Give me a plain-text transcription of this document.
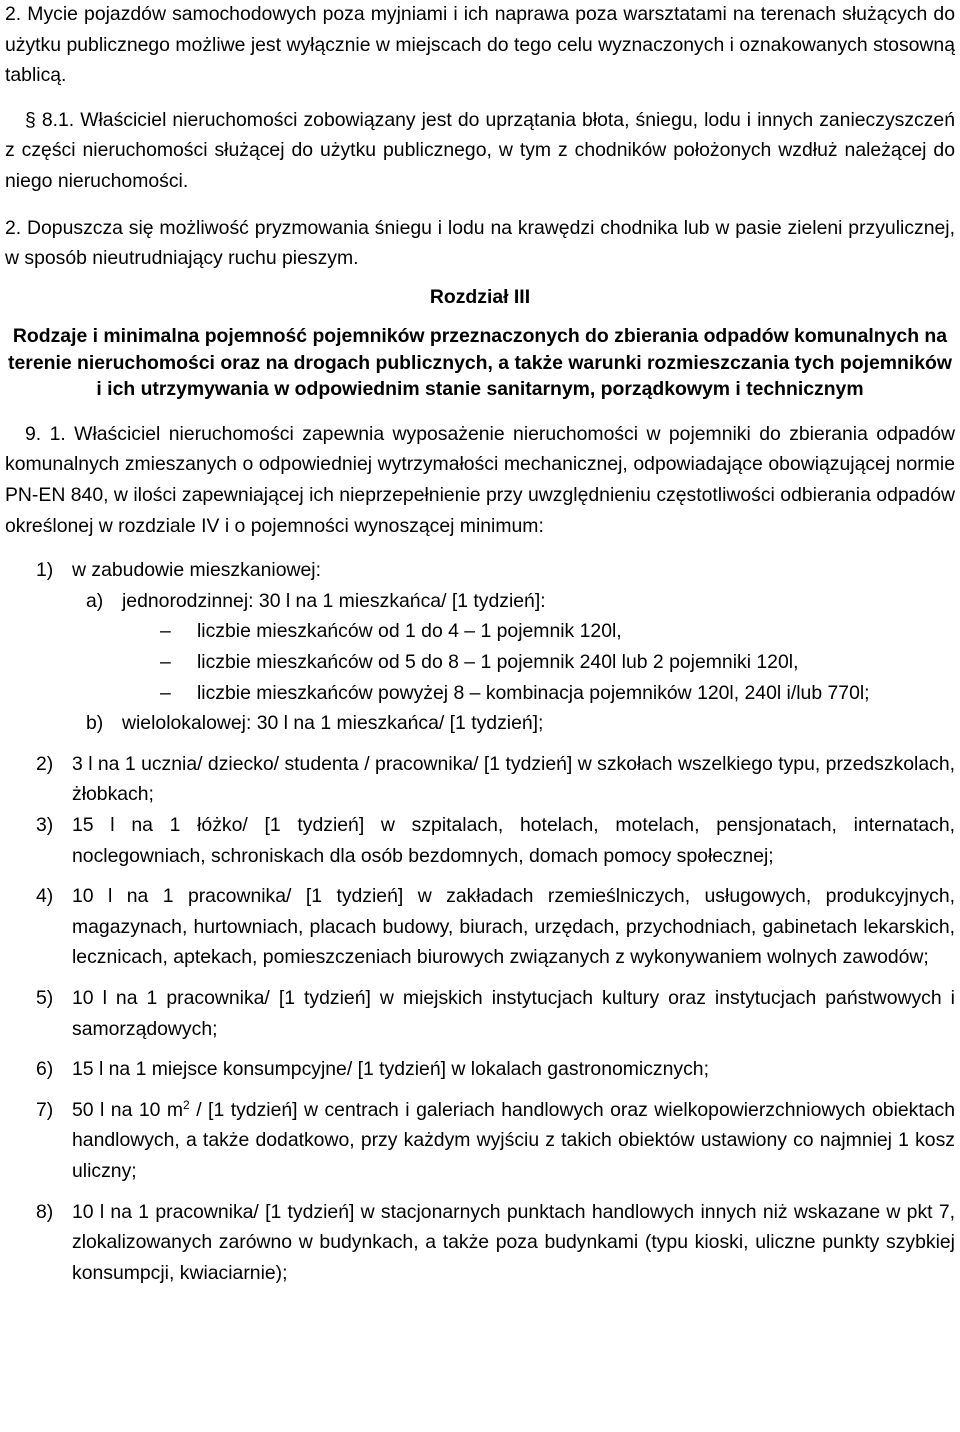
2. Mycie pojazdów samochodowych poza myjniami i ich naprawa poza warsztatami na terenach służących do użytku publicznego możliwe jest wyłącznie w miejscach do tego celu wyznaczonych i oznakowanych stosowną tablicą.

§ 8.1. Właściciel nieruchomości zobowiązany jest do uprzątania błota, śniegu, lodu i innych zanieczyszczeń z części nieruchomości służącej do użytku publicznego, w tym z chodników położonych wzdłuż należącej do niego nieruchomości.

2. Dopuszcza się możliwość pryzmowania śniegu i lodu na krawędzi chodnika lub w pasie zieleni przyulicznej, w sposób nieutrudniający ruchu pieszym.

Rozdział III

Rodzaje i minimalna pojemność pojemników przeznaczonych do zbierania odpadów komunalnych na terenie nieruchomości oraz na drogach publicznych, a także warunki rozmieszczania tych pojemników i ich utrzymywania w odpowiednim stanie sanitarnym, porządkowym i technicznym

9. 1. Właściciel nieruchomości zapewnia wyposażenie nieruchomości w pojemniki do zbierania odpadów komunalnych zmieszanych o odpowiedniej wytrzymałości mechanicznej, odpowiadające obowiązującej normie PN-EN 840, w ilości zapewniającej ich nieprzepełnienie przy uwzględnieniu częstotliwości odbierania odpadów określonej w rozdziale IV i o pojemności wynoszącej minimum:

1) w zabudowie mieszkaniowej:
a) jednorodzinnej: 30 l na 1 mieszkańca/ [1 tydzień]:
– liczbie mieszkańców od 1 do 4 – 1 pojemnik 120l,
– liczbie mieszkańców od 5 do 8 – 1 pojemnik 240l lub 2 pojemniki 120l,
– liczbie mieszkańców powyżej 8 – kombinacja pojemników 120l, 240l i/lub 770l;
b) wielolokalowej: 30 l na 1 mieszkańca/ [1 tydzień];
2) 3 l na 1 ucznia/ dziecko/ studenta / pracownika/ [1 tydzień] w szkołach wszelkiego typu, przedszkolach, żłobkach;
3) 15 l na 1 łóżko/ [1 tydzień] w szpitalach, hotelach, motelach, pensjonatach, internatach, noclegowniach, schroniskach dla osób bezdomnych, domach pomocy społecznej;
4) 10 l na 1 pracownika/ [1 tydzień] w zakładach rzemieślniczych, usługowych, produkcyjnych, magazynach, hurtowniach, placach budowy, biurach, urzędach, przychodniach, gabinetach lekarskich, lecznicach, aptekach, pomieszczeniach biurowych związanych z wykonywaniem wolnych zawodów;
5) 10 l na 1 pracownika/ [1 tydzień] w miejskich instytucjach kultury oraz instytucjach państwowych i samorządowych;
6) 15 l na 1 miejsce konsumpcyjne/ [1 tydzień] w lokalach gastronomicznych;
7) 50 l na 10 $m^2 / [1$ tydzień] w centrach i galeriach handlowych oraz wielkopowierzchniowych obiektach handlowych, a także dodatkowo, przy każdym wyjściu z takich obiektów ustawiony co najmniej 1 kosz uliczny;
8) 10 l na 1 pracownika/ [1 tydzień] w stacjonarnych punktach handlowych innych niż wskazane w pkt 7, zlokalizowanych zarówno w budynkach, a także poza budynkami (typu kioski, uliczne punkty szybkiej konsumpcji, kwiaciarnie);
